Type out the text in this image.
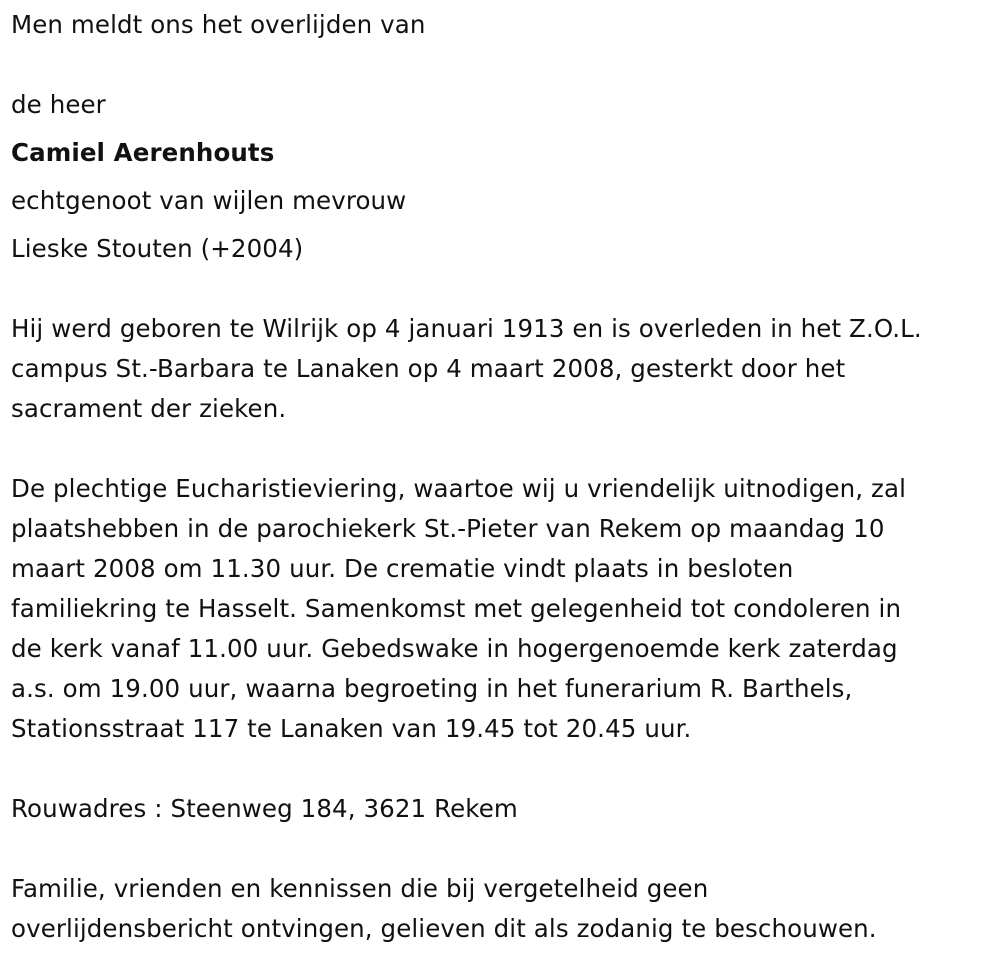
Men meldt ons het overlijden van
de heer
Camiel Aerenhouts
echtgenoot van wijlen mevrouw
Lieske Stouten (+2004)
Hij werd geboren te Wilrijk op 4 januari 1913 en is overleden in het Z.O.L.
campus St.-Barbara te Lanaken op 4 maart 2008, gesterkt door het
sacrament der zieken.
De plechtige Eucharistieviering, waartoe wij u vriendelijk uitnodigen, zal
plaatshebben in de parochiekerk St.-Pieter van Rekem op maandag 10
maart 2008 om 11.30 uur. De crematie vindt plaats in besloten
familiekring te Hasselt. Samenkomst met gelegenheid tot condoleren in
de kerk vanaf 11.00 uur. Gebedswake in hogergenoemde kerk zaterdag
a.s. om 19.00 uur, waarna begroeting in het funerarium R. Barthels,
Stationsstraat 117 te Lanaken van 19.45 tot 20.45 uur.
Rouwadres : Steenweg 184, 3621 Rekem
Familie, vrienden en kennissen die bij vergetelheid geen
overlijdensbericht ontvingen, gelieven dit als zodanig te beschouwen.
